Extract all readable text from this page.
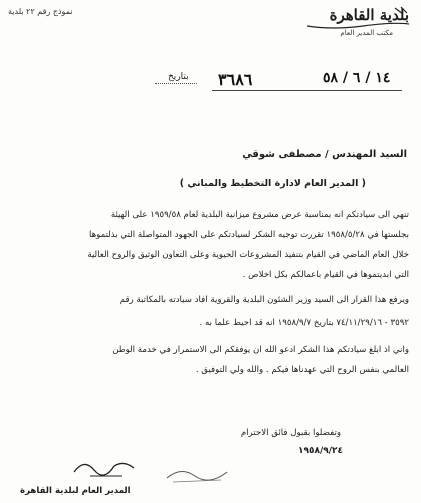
نموذج رقم ٢٢ بلدية	بلدية القاهرة
مكتب المدير العام
بتاريخ ٣٦٨٦	١٤ / ٦ / ٥٨
السيد المهندس / مصطفى شوقي
( المدير العام لادارة التخطيط والمباني )
تنهي الى سيادتكم انه بمناسبة عرض مشروع ميزانية البلدية لعام ١٩٥٩/٥٨ على الهيئة
بجلستها في ١٩٥٨/٥/٢٨ تقررت توجيه الشكر لسيادتكم على الجهود المتواصلة التي بذلتموها
خلال العام الماضي في القيام بتنفيذ المشروعات الحيوية وعلى التعاون الوثيق والروح العالية
التي ابديتموها في القيام باعمالكم بكل اخلاص .
ويرفع هذا القرار الى السيد وزير الشئون البلدية والقروية افاد سيادته بالمكاتبة رقم
٣٥٩٢ - ٧٤/١١/٢٩/١٦ بتاريخ ١٩٥٨/٩/٧ انه قد احيط علما به .
واني اذ ابلغ سيادتكم هذا الشكر ادعو الله ان يوفقكم الى الاستمرار في خدمة الوطن
العالمي بنفس الروح التي عهدناها فيكم . والله ولي التوفيق .
وتفضلوا بقبول فائق الاحترام
١٩٥٨/٩/٢٤
المدير العام لبلدية القاهرة
